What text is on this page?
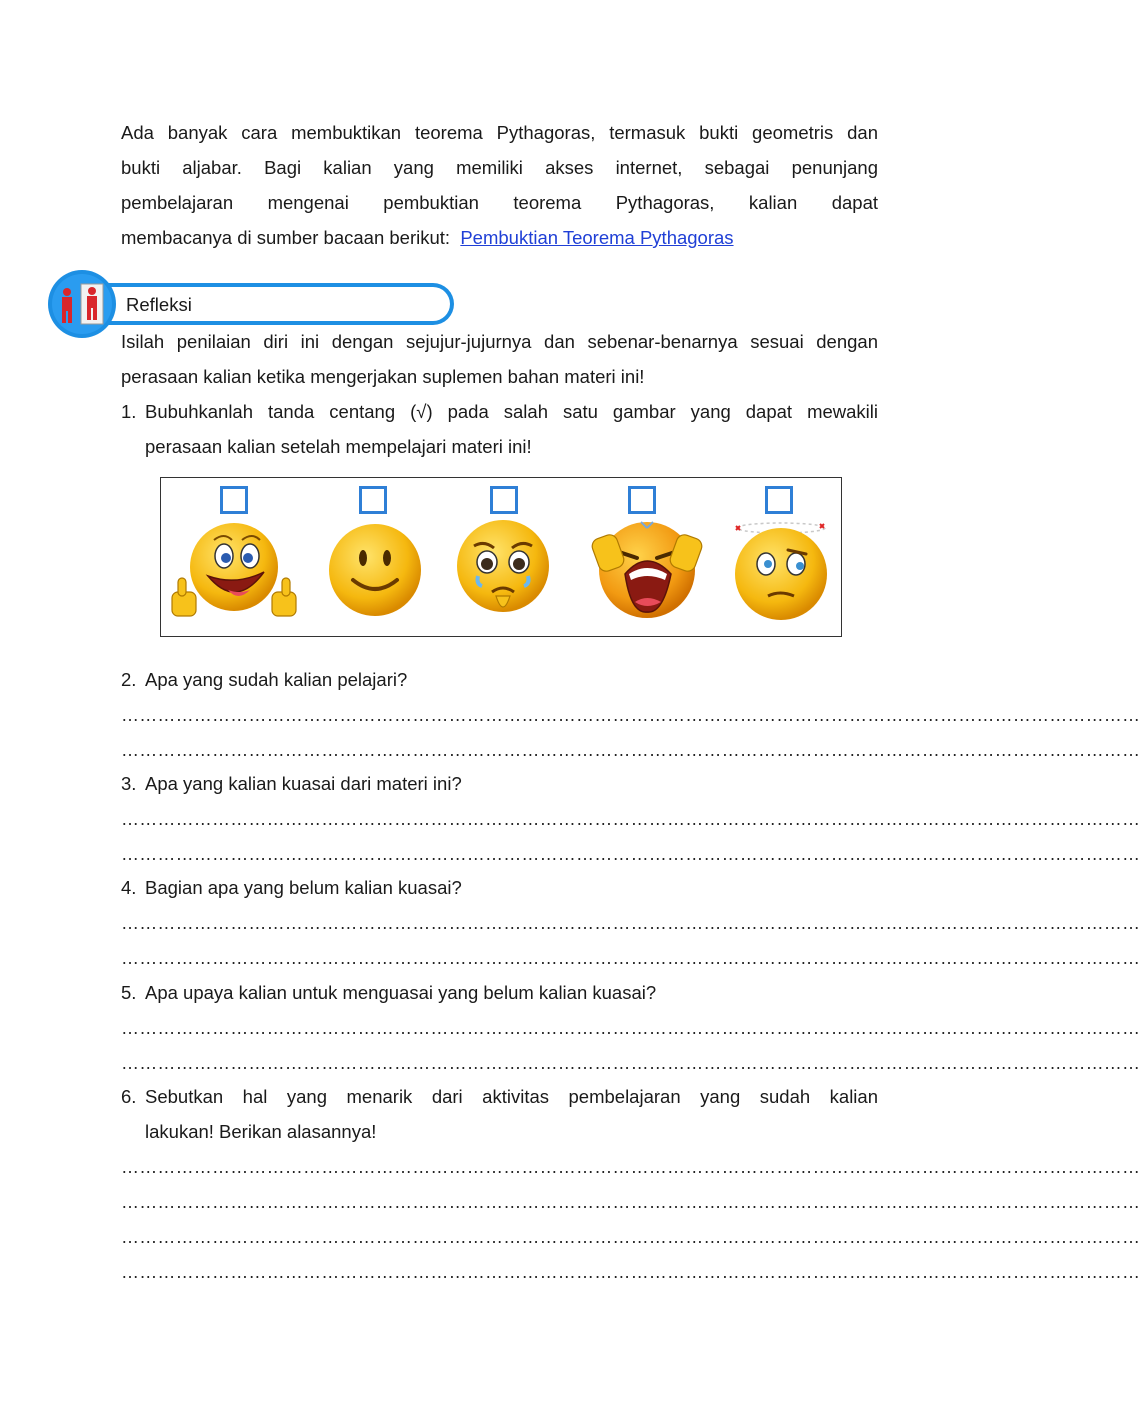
Ada banyak cara membuktikan teorema Pythagoras, termasuk bukti geometris dan
bukti aljabar. Bagi kalian yang memiliki akses internet, sebagai penunjang
pembelajaran mengenai pembuktian teorema Pythagoras, kalian dapat
membacanya di sumber bacaan berikut: Pembuktian Teorema Pythagoras
Refleksi
Isilah penilaian diri ini dengan sejujur-jujurnya dan sebenar-benarnya sesuai dengan
perasaan kalian ketika mengerjakan suplemen bahan materi ini!
1. Bubuhkanlah tanda centang (√) pada salah satu gambar yang dapat mewakili
perasaan kalian setelah mempelajari materi ini!
2. Apa yang sudah kalian pelajari?
……………………………………………………………………………………………………………………………………………………
……………………………………………………………………………………………………………………………………………………
3. Apa yang kalian kuasai dari materi ini?
……………………………………………………………………………………………………………………………………………………
……………………………………………………………………………………………………………………………………………………
4. Bagian apa yang belum kalian kuasai?
……………………………………………………………………………………………………………………………………………………
……………………………………………………………………………………………………………………………………………………
5. Apa upaya kalian untuk menguasai yang belum kalian kuasai?
……………………………………………………………………………………………………………………………………………………
……………………………………………………………………………………………………………………………………………………
6. Sebutkan hal yang menarik dari aktivitas pembelajaran yang sudah kalian
lakukan! Berikan alasannya!
……………………………………………………………………………………………………………………………………………………
……………………………………………………………………………………………………………………………………………………
……………………………………………………………………………………………………………………………………………………
……………………………………………………………………………………………………………………………………………………
